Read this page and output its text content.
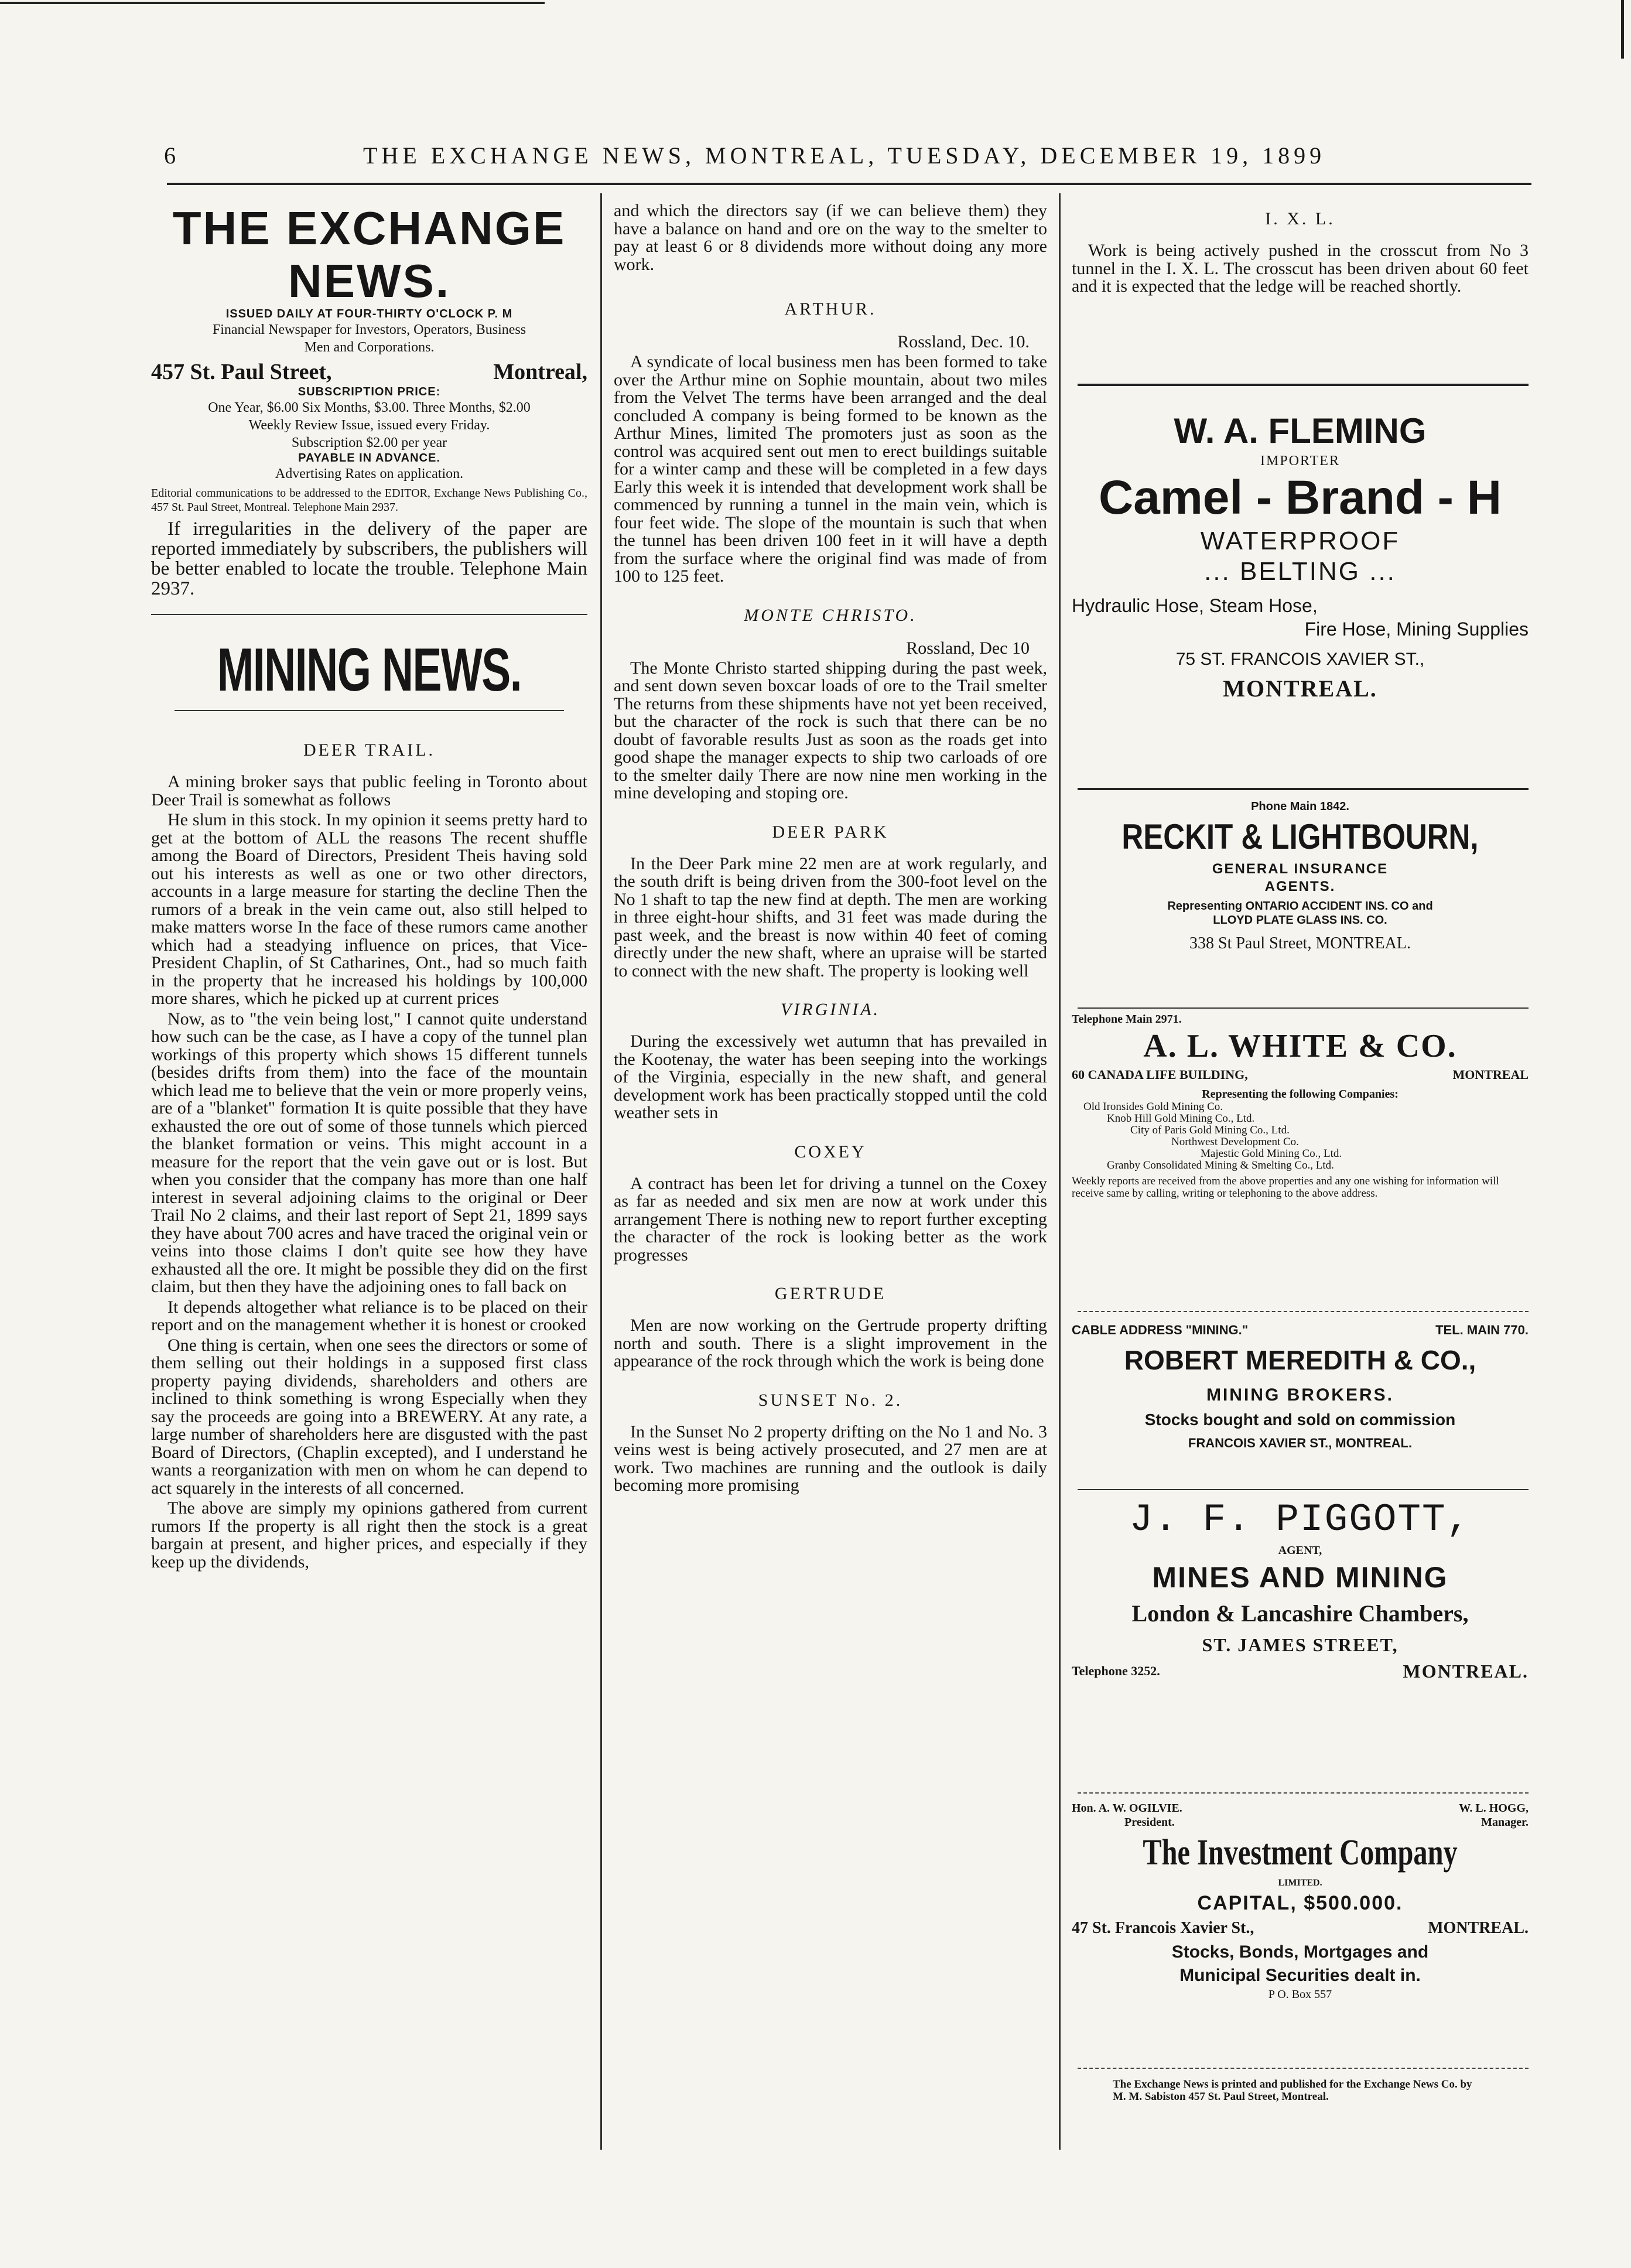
6	THE EXCHANGE NEWS, MONTREAL, TUESDAY, DECEMBER 19, 1899
THE EXCHANGE NEWS.
ISSUED DAILY AT FOUR-THIRTY O'CLOCK P. M
Financial Newspaper for Investors, Operators, Business
Men and Corporations.
457 St. Paul Street,	Montreal,
SUBSCRIPTION PRICE:
One Year, $6.00 Six Months, $3.00. Three Months, $2.00
Weekly Review Issue, issued every Friday.
Subscription $2.00 per year
PAYABLE IN ADVANCE.
Advertising Rates on application.
Editorial communications to be addressed to the EDITOR, Exchange News Publishing Co., 457 St. Paul Street, Montreal. Telephone Main 2937.

If irregularities in the delivery of the paper are reported immediately by subscribers, the publishers will be better enabled to locate the trouble. Telephone Main 2937.

MINING NEWS.
DEER TRAIL.

A mining broker says that public feeling in Toronto about Deer Trail is somewhat as follows

He slum in this stock. In my opinion it seems pretty hard to get at the bottom of ALL the reasons The recent shuffle among the Board of Directors, President Theis having sold out his interests as well as one or two other directors, accounts in a large measure for starting the decline Then the rumors of a break in the vein came out, also still helped to make matters worse In the face of these rumors came another which had a steadying influence on prices, that Vice-President Chaplin, of St Catharines, Ont., had so much faith in the property that he increased his holdings by 100,000 more shares, which he picked up at current prices

Now, as to "the vein being lost," I cannot quite understand how such can be the case, as I have a copy of the tunnel plan workings of this property which shows 15 different tunnels (besides drifts from them) into the face of the mountain which lead me to believe that the vein or more properly veins, are of a "blanket" formation It is quite possible that they have exhausted the ore out of some of those tunnels which pierced the blanket formation or veins. This might account in a measure for the report that the vein gave out or is lost. But when you consider that the company has more than one half interest in several adjoining claims to the original or Deer Trail No 2 claims, and their last report of Sept 21, 1899 says they have about 700 acres and have traced the original vein or veins into those claims I don't quite see how they have exhausted all the ore. It might be possible they did on the first claim, but then they have the adjoining ones to fall back on

It depends altogether what reliance is to be placed on their report and on the management whether it is honest or crooked

One thing is certain, when one sees the directors or some of them selling out their holdings in a supposed first class property paying dividends, shareholders and others are inclined to think something is wrong Especially when they say the proceeds are going into a BREWERY. At any rate, a large number of shareholders here are disgusted with the past Board of Directors, (Chaplin excepted), and I understand he wants a reorganization with men on whom he can depend to act squarely in the interests of all concerned.

The above are simply my opinions gathered from current rumors If the property is all right then the stock is a great bargain at present, and higher prices, and especially if they keep up the dividends,

and which the directors say (if we can believe them) they have a balance on hand and ore on the way to the smelter to pay at least 6 or 8 dividends more without doing any more work.

ARTHUR.
Rossland, Dec. 10.

A syndicate of local business men has been formed to take over the Arthur mine on Sophie mountain, about two miles from the Velvet The terms have been arranged and the deal concluded A company is being formed to be known as the Arthur Mines, limited The promoters just as soon as the control was acquired sent out men to erect buildings suitable for a winter camp and these will be completed in a few days Early this week it is intended that development work shall be commenced by running a tunnel in the main vein, which is four feet wide. The slope of the mountain is such that when the tunnel has been driven 100 feet in it will have a depth from the surface where the original find was made of from 100 to 125 feet.

MONTE CHRISTO.
Rossland, Dec 10

The Monte Christo started shipping during the past week, and sent down seven boxcar loads of ore to the Trail smelter The returns from these shipments have not yet been received, but the character of the rock is such that there can be no doubt of favorable results Just as soon as the roads get into good shape the manager expects to ship two carloads of ore to the smelter daily There are now nine men working in the mine developing and stoping ore.

DEER PARK

In the Deer Park mine 22 men are at work regularly, and the south drift is being driven from the 300-foot level on the No 1 shaft to tap the new find at depth. The men are working in three eight-hour shifts, and 31 feet was made during the past week, and the breast is now within 40 feet of coming directly under the new shaft, where an upraise will be started to connect with the new shaft. The property is looking well

VIRGINIA.

During the excessively wet autumn that has prevailed in the Kootenay, the water has been seeping into the workings of the Virginia, especially in the new shaft, and general development work has been practically stopped until the cold weather sets in

COXEY

A contract has been let for driving a tunnel on the Coxey as far as needed and six men are now at work under this arrangement There is nothing new to report further excepting the character of the rock is looking better as the work progresses

GERTRUDE

Men are now working on the Gertrude property drifting north and south. There is a slight improvement in the appearance of the rock through which the work is being done

SUNSET No. 2.

In the Sunset No 2 property drifting on the No 1 and No. 3 veins west is being actively prosecuted, and 27 men are at work. Two machines are running and the outlook is daily becoming more promising

I. X. L.

Work is being actively pushed in the crosscut from No 3 tunnel in the I. X. L. The crosscut has been driven about 60 feet and it is expected that the ledge will be reached shortly.

W. A. FLEMING
IMPORTER
Camel - Brand - H
WATERPROOF
... BELTING ...
Hydraulic Hose, Steam Hose,
Fire Hose, Mining Supplies
75 ST. FRANCOIS XAVIER ST.,
MONTREAL.
Phone Main 1842.
RECKIT & LIGHTBOURN,
GENERAL INSURANCE
AGENTS.
Representing ONTARIO ACCIDENT INS. CO and
LLOYD PLATE GLASS INS. CO.
338 St Paul Street, MONTREAL.
Telephone Main 2971.
A. L. WHITE & CO.
60 CANADA LIFE BUILDING,	MONTREAL
Representing the following Companies:
Old Ironsides Gold Mining Co.
Knob Hill Gold Mining Co., Ltd.
City of Paris Gold Mining Co., Ltd.
Northwest Development Co.
Majestic Gold Mining Co., Ltd.
Granby Consolidated Mining & Smelting Co., Ltd.
Weekly reports are received from the above properties and any one wishing for information will receive same by calling, writing or telephoning to the above address.
CABLE ADDRESS "MINING."	TEL. MAIN 770.
ROBERT MEREDITH & CO.,
MINING BROKERS.
Stocks bought and sold on commission
FRANCOIS XAVIER ST., MONTREAL.
J. F. PIGGOTT,
AGENT,
MINES AND MINING
London & Lancashire Chambers,
ST. JAMES STREET,
Telephone 3252.	MONTREAL.
Hon. A. W. OGILVIE.
President.
W. L. HOGG,
Manager.
The Investment Company
LIMITED.
CAPITAL, $500.000.
47 St. Francois Xavier St.,	MONTREAL.
Stocks, Bonds, Mortgages and
Municipal Securities dealt in.
P O. Box 557
The Exchange News is printed and published for the Exchange News Co. by M. M. Sabiston 457 St. Paul Street, Montreal.
